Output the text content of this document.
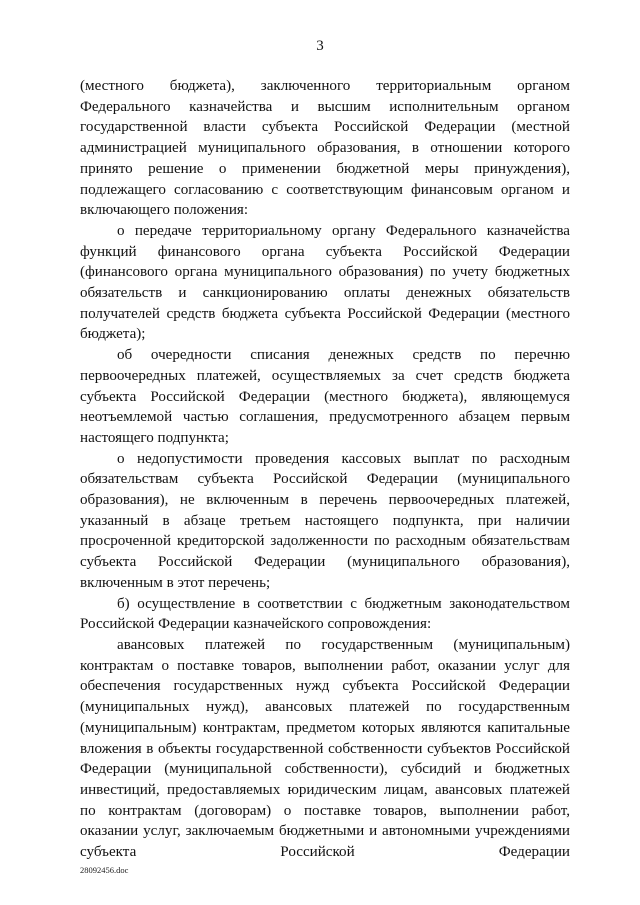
3

(местного бюджета), заключенного территориальным органом Федерального казначейства и высшим исполнительным органом государственной власти субъекта Российской Федерации (местной администрацией муниципального образования, в отношении которого принято решение о применении бюджетной меры принуждения), подлежащего согласованию с соответствующим финансовым органом и включающего положения:

о передаче территориальному органу Федерального казначейства функций финансового органа субъекта Российской Федерации (финансового органа муниципального образования) по учету бюджетных обязательств и санкционированию оплаты денежных обязательств получателей средств бюджета субъекта Российской Федерации (местного бюджета);

об очередности списания денежных средств по перечню первоочередных платежей, осуществляемых за счет средств бюджета субъекта Российской Федерации (местного бюджета), являющемуся неотъемлемой частью соглашения, предусмотренного абзацем первым настоящего подпункта;

о недопустимости проведения кассовых выплат по расходным обязательствам субъекта Российской Федерации (муниципального образования), не включенным в перечень первоочередных платежей, указанный в абзаце третьем настоящего подпункта, при наличии просроченной кредиторской задолженности по расходным обязательствам субъекта Российской Федерации (муниципального образования), включенным в этот перечень;

б) осуществление в соответствии с бюджетным законодательством Российской Федерации казначейского сопровождения:

авансовых платежей по государственным (муниципальным) контрактам о поставке товаров, выполнении работ, оказании услуг для обеспечения государственных нужд субъекта Российской Федерации (муниципальных нужд), авансовых платежей по государственным (муниципальным) контрактам, предметом которых являются капитальные вложения в объекты государственной собственности субъектов Российской Федерации (муниципальной собственности), субсидий и бюджетных инвестиций, предоставляемых юридическим лицам, авансовых платежей по контрактам (договорам) о поставке товаров, выполнении работ, оказании услуг, заключаемым бюджетными и автономными учреждениями субъекта Российской Федерации

28092456.doc
